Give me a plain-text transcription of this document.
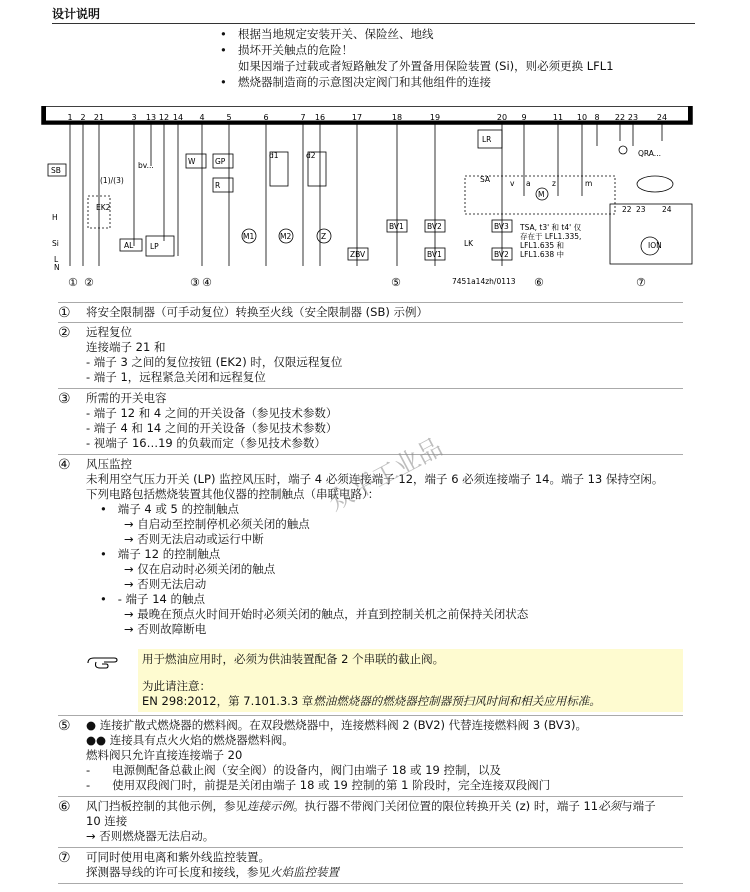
设计说明
• 根据当地规定安装开关、保险丝、地线
• 损坏开关触点的危险！
如果因端子过载或者短路触发了外置备用保险装置 (Si)，则必须更换 LFL1
• 燃烧器制造商的示意图决定阀门和其他组件的连接
1 2 21	3 13 12 14 4	5	6	7 16	17	18	19	20 9	11 10 8 22 23 24
SB
(1)/(3)
EK2
H
Si
L
N
AL
bv...
LP
W	GP
R
d1	d2
M1	M2	Z
ZBV
BV1	BV2
BV1
BV3
BV2
LK
LR
SA	v a
M
z	m
QRA...
ION
22 23 24
TSA, t3' 和 t4' 仅
存在于 LFL1.335,
LFL1.635 和
LFL1.638 中
7451a14zh/0113
① ②	③ ④	⑤	⑥	⑦
①	将安全限制器（可手动复位）转换至火线（安全限制器 (SB) 示例）
②	远程复位
连接端子 21 和
- 端子 3 之间的复位按钮 (EK2) 时，仅限远程复位
- 端子 1，远程紧急关闭和远程复位
③	所需的开关电容
- 端子 12 和 4 之间的开关设备（参见技术参数）
- 端子 4 和 14 之间的开关设备（参见技术参数）
- 视端子 16…19 的负载而定（参见技术参数）
④	风压监控
未利用空气压力开关 (LP) 监控风压时，端子 4 必须连接端子 12，端子 6 必须连接端子 14。端子 13 保持空闲。
下列电路包括燃烧装置其他仪器的控制触点（串联电路）：
•   端子 4 或 5 的控制触点
→ 自启动至控制停机必须关闭的触点
→ 否则无法启动或运行中断
•   端子 12 的控制触点
→ 仅在启动时必须关闭的触点
→ 否则无法启动
•   - 端子 14 的触点
→ 最晚在预点火时间开始时必须关闭的触点，并直到控制关机之前保持关闭状态
→ 否则故障断电
用于燃油应用时，必须为供油装置配备 2 个串联的截止阀。
为此请注意：
EN 298:2012，第 7.101.3.3 章燃油燃烧器的燃烧器控制器预扫风时间和相关应用标准。
⑤	● 连接扩散式燃烧器的燃料阀。在双段燃烧器中，连接燃料阀 2 (BV2) 代替连接燃料阀 3 (BV3)。
●● 连接具有点火火焰的燃烧器燃料阀。
燃料阀只允许直接连接端子 20
-      电源侧配备总截止阀（安全阀）的设备内，阀门由端子 18 或 19 控制，以及
-      使用双段阀门时，前提是关闭由端子 18 或 19 控制的第 1 阶段时，完全连接双段阀门
⑥	风门挡板控制的其他示例，参见连接示例。执行器不带阀门关闭位置的限位转换开关 (z) 时，端子 11必须与端子
10 连接
→ 否则燃烧器无法启动。
⑦	可同时使用电离和紫外线监控装置。
探测器导线的许可长度和接线，参见火焰监控装置
众平工业品
